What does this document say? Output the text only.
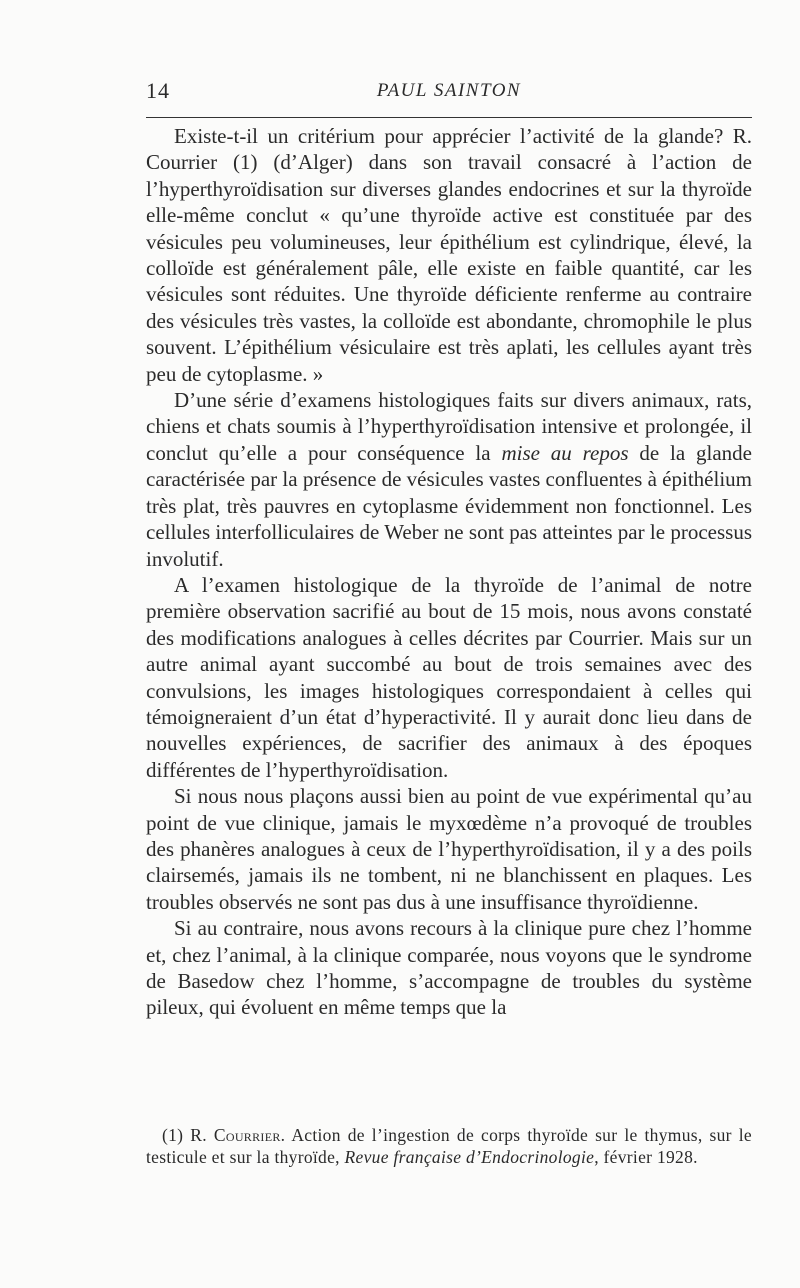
14	PAUL SAINTON

Existe-t-il un critérium pour apprécier l’activité de la glande? R. Courrier (1) (d’Alger) dans son travail consacré à l’action de l’hyperthyroïdisation sur diverses glandes endocrines et sur la thyroïde elle-même conclut « qu’une thyroïde active est constituée par des vésicules peu volumineuses, leur épithélium est cylindrique, élevé, la colloïde est généralement pâle, elle existe en faible quantité, car les vésicules sont réduites. Une thyroïde déficiente renferme au contraire des vésicules très vastes, la colloïde est abondante, chromophile le plus souvent. L’épithélium vésiculaire est très aplati, les cellules ayant très peu de cytoplasme. »

D’une série d’examens histologiques faits sur divers animaux, rats, chiens et chats soumis à l’hyperthyroïdisation intensive et prolongée, il conclut qu’elle a pour conséquence la mise au repos de la glande caractérisée par la présence de vésicules vastes confluentes à épithélium très plat, très pauvres en cytoplasme évidemment non fonctionnel. Les cellules interfolliculaires de Weber ne sont pas atteintes par le processus involutif.

A l’examen histologique de la thyroïde de l’animal de notre première observation sacrifié au bout de 15 mois, nous avons constaté des modifications analogues à celles décrites par Courrier. Mais sur un autre animal ayant succombé au bout de trois semaines avec des convulsions, les images histologiques correspondaient à celles qui témoigneraient d’un état d’hyperactivité. Il y aurait donc lieu dans de nouvelles expériences, de sacrifier des animaux à des époques différentes de l’hyperthyroïdisation.

Si nous nous plaçons aussi bien au point de vue expérimental qu’au point de vue clinique, jamais le myxœdème n’a provoqué de troubles des phanères analogues à ceux de l’hyperthyroïdisation, il y a des poils clairsemés, jamais ils ne tombent, ni ne blanchissent en plaques. Les troubles observés ne sont pas dus à une insuffisance thyroïdienne.

Si au contraire, nous avons recours à la clinique pure chez l’homme et, chez l’animal, à la clinique comparée, nous voyons que le syndrome de Basedow chez l’homme, s’accompagne de troubles du système pileux, qui évoluent en même temps que la

(1) R. Courrier. Action de l’ingestion de corps thyroïde sur le thymus, sur le testicule et sur la thyroïde, Revue française d’Endocrinologie, février 1928.
